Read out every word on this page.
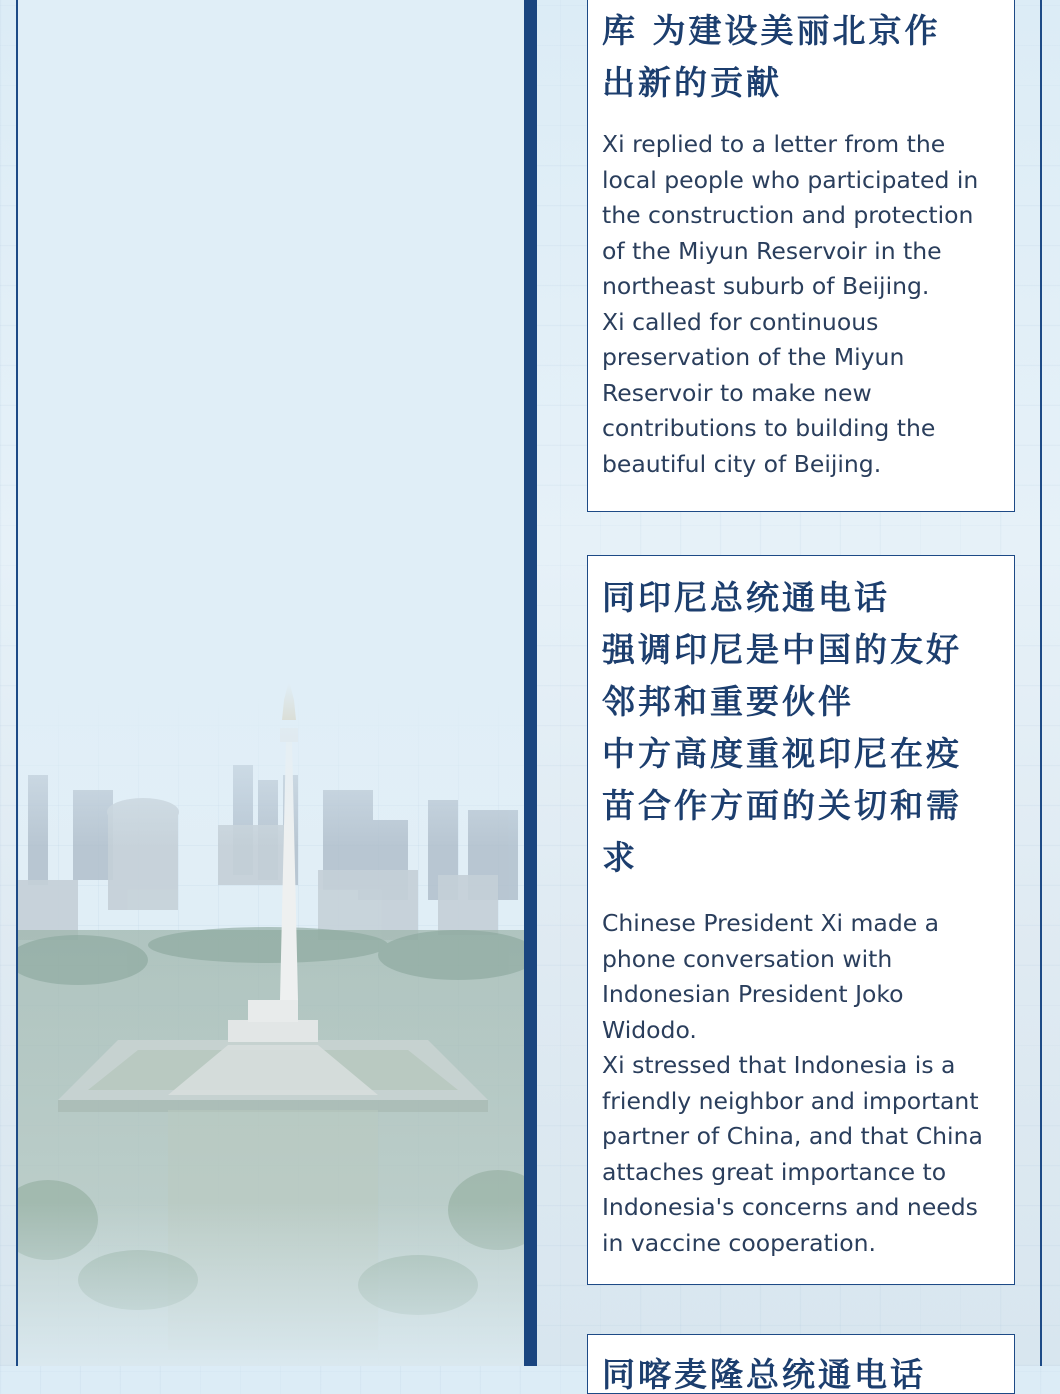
库 为建设美丽北京作
出新的贡献

Xi replied to a letter from the local people who participated in the construction and protection of the Miyun Reservoir in the northeast suburb of Beijing.
Xi called for continuous preservation of the Miyun Reservoir to make new contributions to building the beautiful city of Beijing.

同印尼总统通电话
强调印尼是中国的友好
邻邦和重要伙伴
中方高度重视印尼在疫
苗合作方面的关切和需
求

Chinese President Xi made a phone conversation with Indonesian President Joko Widodo.
Xi stressed that Indonesia is a friendly neighbor and important partner of China, and that China attaches great importance to Indonesia's concerns and needs in vaccine cooperation.

同喀麦隆总统通电话
